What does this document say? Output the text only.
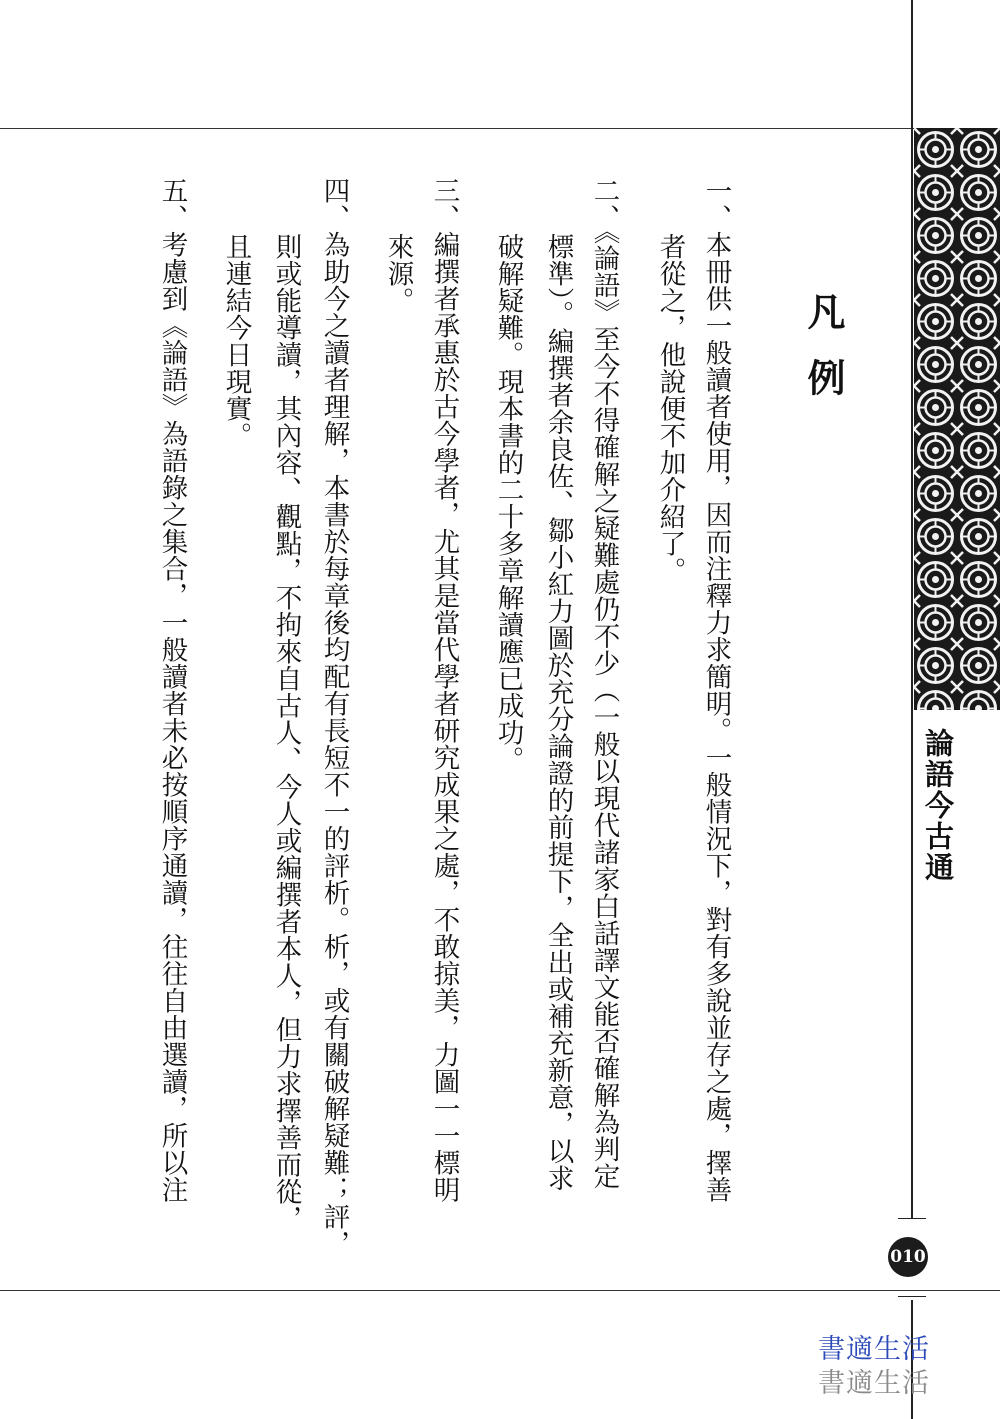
論語今古通
010
凡例
一、本冊供一般讀者使用，因而注釋力求簡明。一般情況下，對有多說並存之處，擇善
者從之，他說便不加介紹了。
二、《論語》至今不得確解之疑難處仍不少（一般以現代諸家白話譯文能否確解為判定
標準）。編撰者余良佐、鄒小紅力圖於充分論證的前提下，全出或補充新意，以求
破解疑難。現本書的二十多章解讀應已成功。
三、編撰者承惠於古今學者，尤其是當代學者研究成果之處，不敢掠美，力圖一一標明
來源。
四、為助今之讀者理解，本書於每章後均配有長短不一的評析。析，或有關破解疑難；評，
則或能導讀，其內容、觀點，不拘來自古人、今人或編撰者本人，但力求擇善而從，
且連結今日現實。
五、考慮到《論語》為語錄之集合，一般讀者未必按順序通讀，往往自由選讀，所以注
書適生活
書適生活
